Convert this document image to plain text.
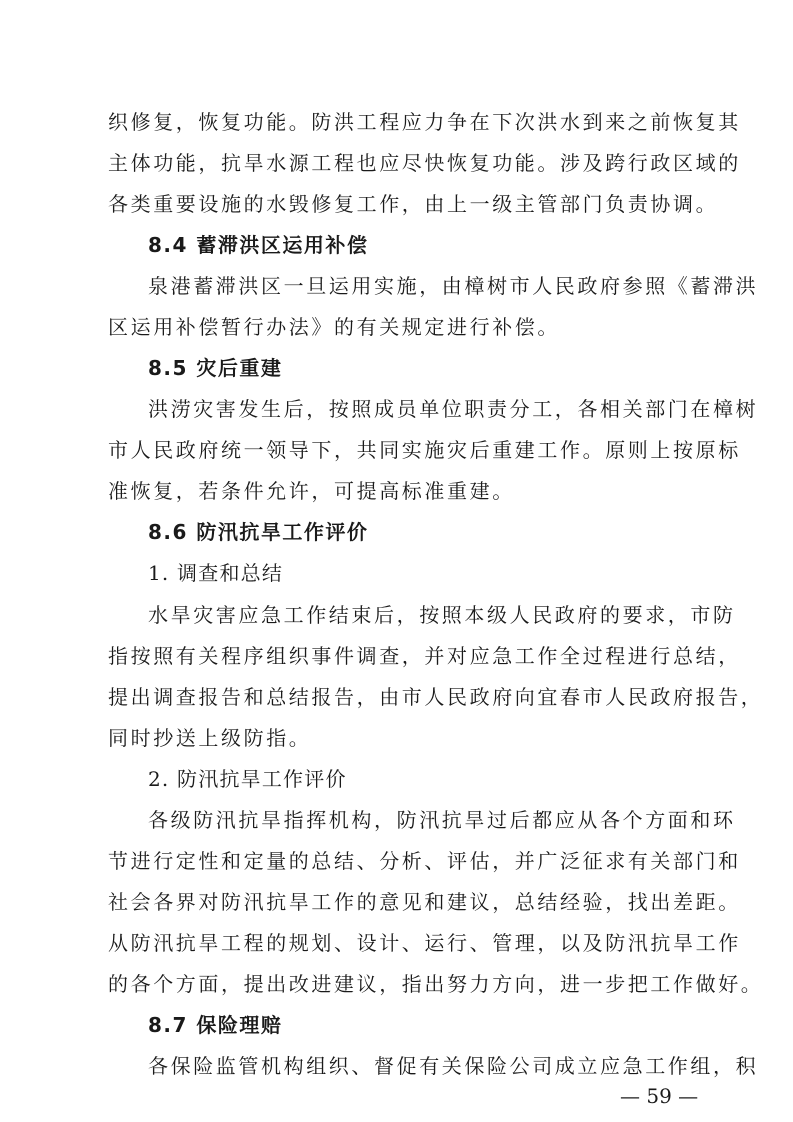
织修复，恢复功能。防洪工程应力争在下次洪水到来之前恢复其
主体功能，抗旱水源工程也应尽快恢复功能。涉及跨行政区域的
各类重要设施的水毁修复工作，由上一级主管部门负责协调。
8.4 蓄滞洪区运用补偿
泉港蓄滞洪区一旦运用实施，由樟树市人民政府参照《蓄滞洪
区运用补偿暂行办法》的有关规定进行补偿。
8.5 灾后重建
洪涝灾害发生后，按照成员单位职责分工，各相关部门在樟树
市人民政府统一领导下，共同实施灾后重建工作。原则上按原标
准恢复，若条件允许，可提高标准重建。
8.6 防汛抗旱工作评价
1. 调查和总结
水旱灾害应急工作结束后，按照本级人民政府的要求，市防
指按照有关程序组织事件调查，并对应急工作全过程进行总结，
提出调查报告和总结报告，由市人民政府向宜春市人民政府报告，
同时抄送上级防指。
2. 防汛抗旱工作评价
各级防汛抗旱指挥机构，防汛抗旱过后都应从各个方面和环
节进行定性和定量的总结、分析、评估，并广泛征求有关部门和
社会各界对防汛抗旱工作的意见和建议，总结经验，找出差距。
从防汛抗旱工程的规划、设计、运行、管理，以及防汛抗旱工作
的各个方面，提出改进建议，指出努力方向，进一步把工作做好。
8.7 保险理赔
各保险监管机构组织、督促有关保险公司成立应急工作组，积
— 59 —
